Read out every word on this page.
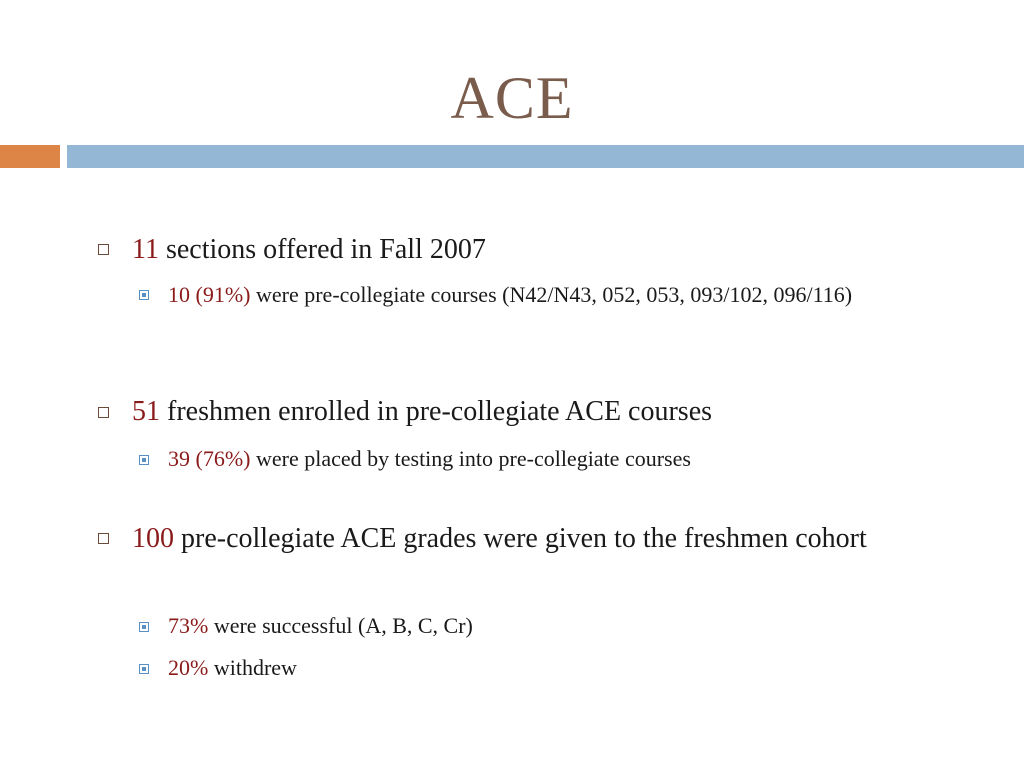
ACE
11 sections offered in Fall 2007
10 (91%) were pre-collegiate courses (N42/N43, 052, 053, 093/102, 096/116)
51 freshmen enrolled in pre-collegiate ACE courses
39 (76%) were placed by testing into pre-collegiate courses
100 pre-collegiate ACE grades were given to the freshmen cohort
73% were successful (A, B, C, Cr)
20% withdrew
